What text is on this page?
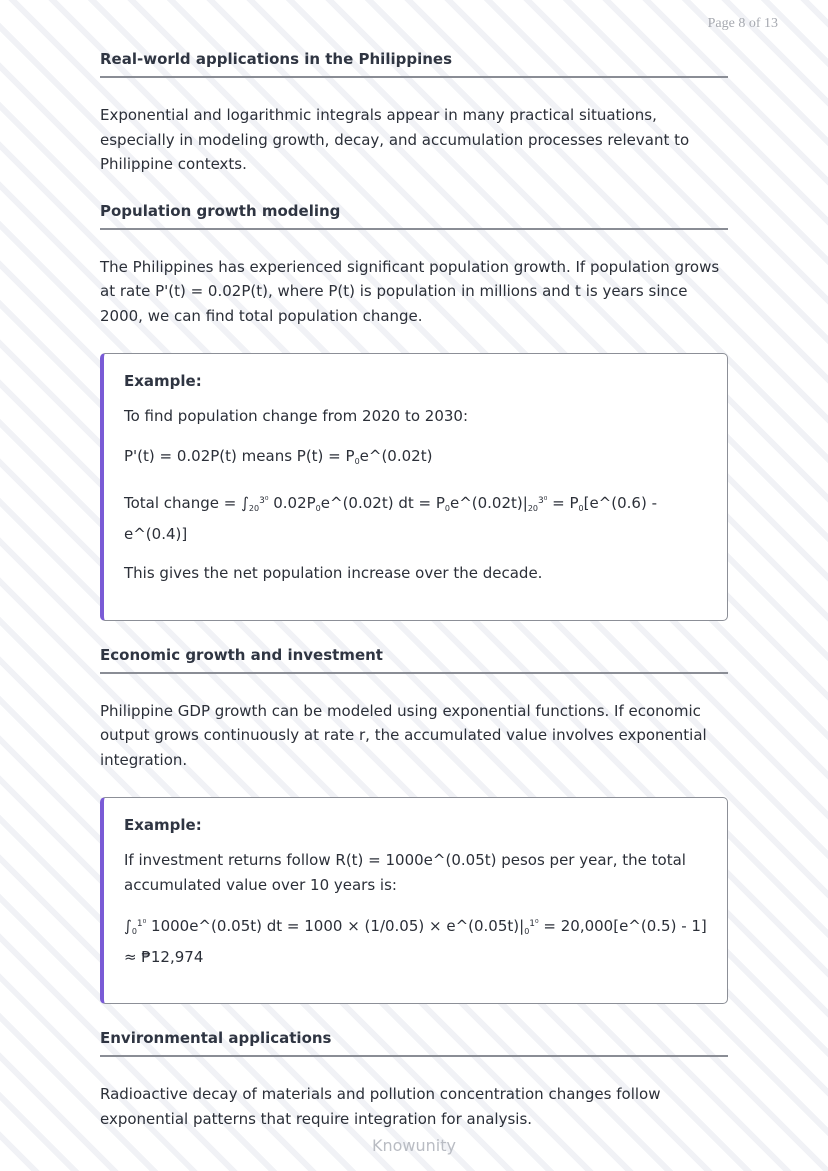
Page 8 of 13
Real-world applications in the Philippines

Exponential and logarithmic integrals appear in many practical situations, especially in modeling growth, decay, and accumulation processes relevant to Philippine contexts.

Population growth modeling

The Philippines has experienced significant population growth. If population grows at rate P'(t) = 0.02P(t), where P(t) is population in millions and t is years since 2000, we can find total population change.

Example:

To find population change from 2020 to 2030:

P'(t) = 0.02P(t) means $P(t) = P_0e\^{}(0.02t)$

Total change = $\int_{20}^{3^0}$ $0.02P_0e\^{}(0.02t)$ dt = $P_0e\^{}(0.02t)|_{20}^{3^0}$ = $P_0[e\^{}(0.6)$ - e^(0.4)]

This gives the net population increase over the decade.

Economic growth and investment

Philippine GDP growth can be modeled using exponential functions. If economic output grows continuously at rate r, the accumulated value involves exponential integration.

Example:

If investment returns follow R(t) = 1000e^(0.05t) pesos per year, the total accumulated value over 10 years is:

$\int_0^{1^0}$ 1000e^(0.05t) dt = $1000 \times (1/0.05) \times e\^{}(0.05t)|_0^{1^0}$ = 20,000[e^(0.5) - 1] ≈ ₱12,974

Environmental applications

Radioactive decay of materials and pollution concentration changes follow exponential patterns that require integration for analysis.

Knowunity
